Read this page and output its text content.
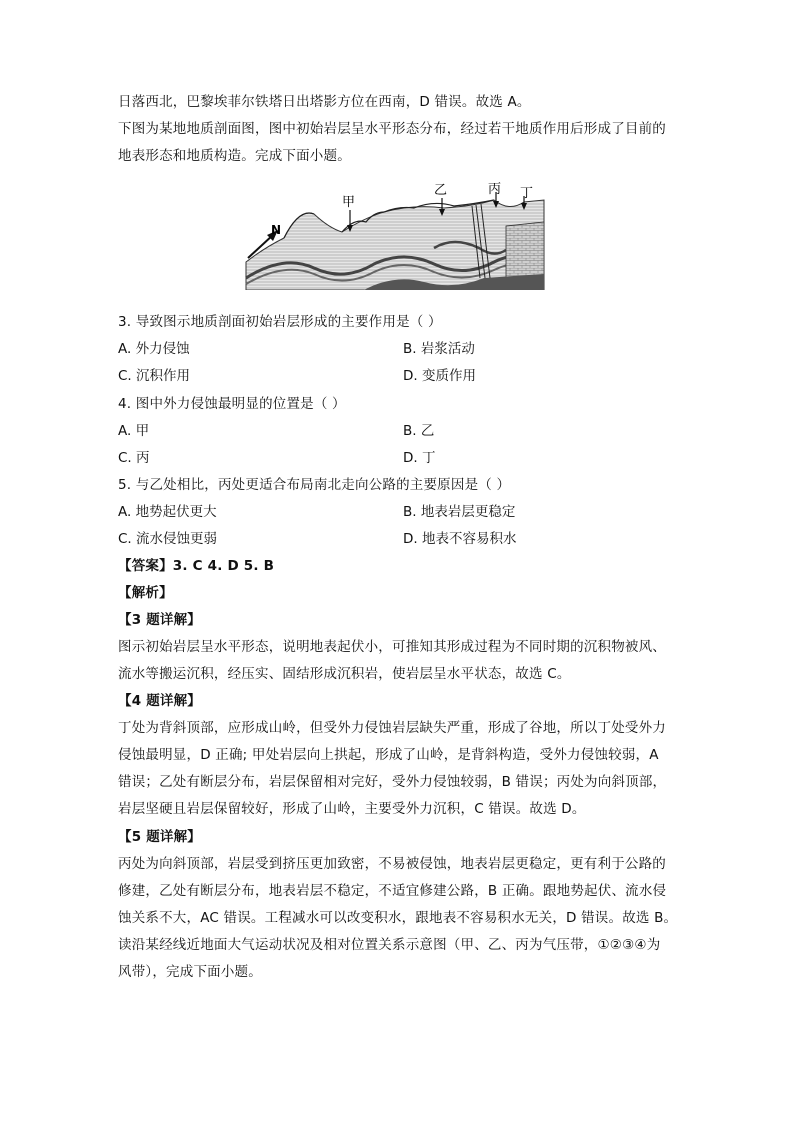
日落西北，巴黎埃菲尔铁塔日出塔影方位在西南，D 错误。故选 A。
下图为某地地质剖面图，图中初始岩层呈水平形态分布，经过若干地质作用后形成了目前的
地表形态和地质构造。完成下面小题。
N
甲
乙	丙 丁
3. 导致图示地质剖面初始岩层形成的主要作用是（ ）
A. 外力侵蚀	B. 岩浆活动
C. 沉积作用	D. 变质作用
4. 图中外力侵蚀最明显的位置是（ ）
A. 甲	B. 乙
C. 丙	D. 丁
5. 与乙处相比，丙处更适合布局南北走向公路的主要原因是（ ）
A. 地势起伏更大	B. 地表岩层更稳定
C. 流水侵蚀更弱	D. 地表不容易积水
【答案】3. C 4. D 5. B
【解析】
【3 题详解】
图示初始岩层呈水平形态，说明地表起伏小，可推知其形成过程为不同时期的沉积物被风、
流水等搬运沉积，经压实、固结形成沉积岩，使岩层呈水平状态，故选 C。
【4 题详解】
丁处为背斜顶部，应形成山岭，但受外力侵蚀岩层缺失严重，形成了谷地，所以丁处受外力
侵蚀最明显，D 正确; 甲处岩层向上拱起，形成了山岭，是背斜构造，受外力侵蚀较弱，A
错误；乙处有断层分布，岩层保留相对完好，受外力侵蚀较弱，B 错误；丙处为向斜顶部，
岩层坚硬且岩层保留较好，形成了山岭，主要受外力沉积，C 错误。故选 D。
【5 题详解】
丙处为向斜顶部，岩层受到挤压更加致密，不易被侵蚀，地表岩层更稳定，更有利于公路的
修建，乙处有断层分布，地表岩层不稳定，不适宜修建公路，B 正确。跟地势起伏、流水侵
蚀关系不大，AC 错误。工程减水可以改变积水，跟地表不容易积水无关，D 错误。故选 B。
读沿某经线近地面大气运动状况及相对位置关系示意图（甲、乙、丙为气压带，①②③④为
风带），完成下面小题。
